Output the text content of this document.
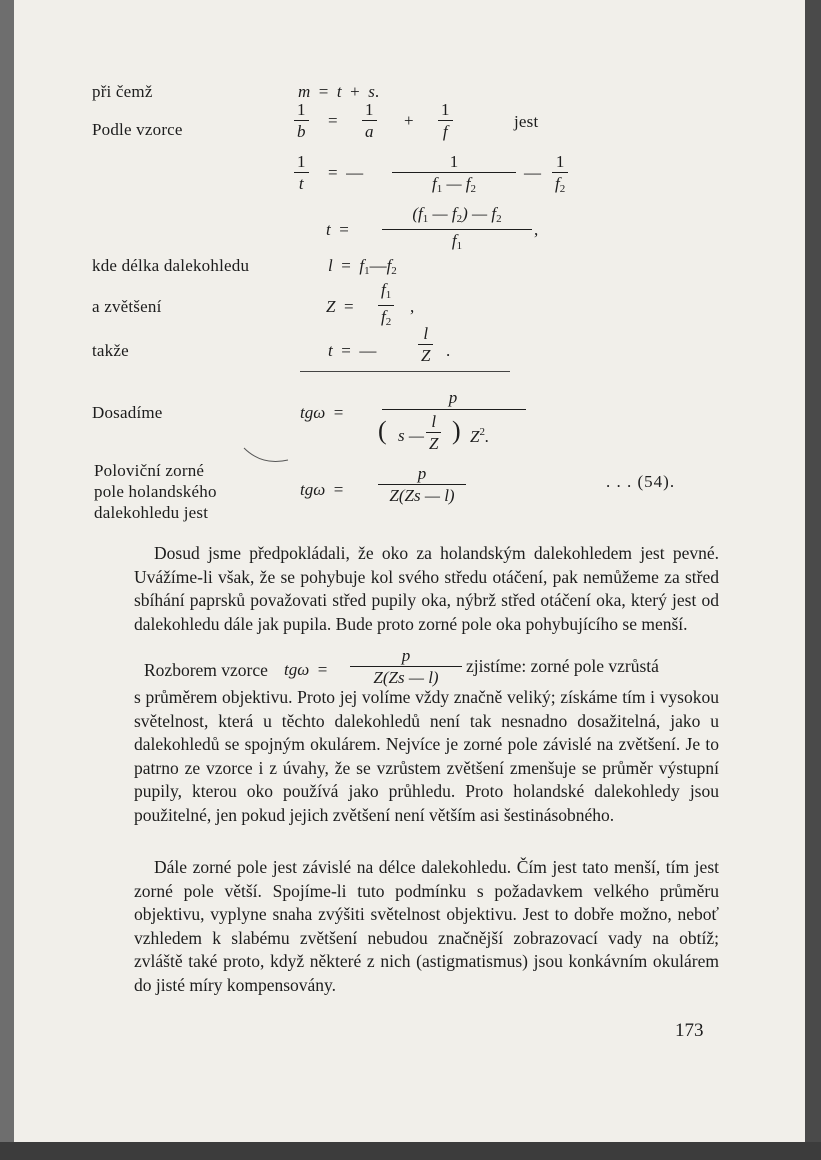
při čemž
Podle vzorce	jest
kde délka dalekohledu
a zvětšení
takže
Dosadíme
Poloviční zorné
pole holandského
dalekohledu jest
. . . (54).
m  =  t  +  s.
1
b
=
1
a
+
1
f
1
t
=  —
1
$f_1$ — $f_2$
—
1
$f_2$
t  =
($f_1$ — $f_2$) — $f_2$
$f_1$
,
$l = f_1—f_2$
Z  =
$f_1$
$f_2$
,
t  =  —
l
Z .
tgω  =
p
( s —
l
Z ) $Z^2$.
tgω  =
p
Z(Zs — l)

Dosud jsme předpokládali, že oko za holandským dalekohledem jest pevné. Uvážíme-li však, že se pohybuje kol svého středu otáčení, pak nemůžeme za střed sbíhání paprsků považovati střed pupily oka, nýbrž střed otáčení oka, který jest od dalekohledu dále jak pupila. Bude proto zorné pole oka pohybujícího se menší.

Rozborem vzorce tgω  =
p
Z(Zs — l)
zjistíme: zorné pole vzrůstá

s průměrem objektivu. Proto jej volíme vždy značně veliký; získáme tím i vysokou světelnost, která u těchto dalekohledů není tak nesnadno dosažitelná, jako u dalekohledů se spojným okulárem. Nejvíce je zorné pole závislé na zvětšení. Je to patrno ze vzorce i z úvahy, že se vzrůstem zvětšení zmenšuje se průměr výstupní pupily, kterou oko používá jako průhledu. Proto holandské dalekohledy jsou použitelné, jen pokud jejich zvětšení není větším asi šestinásobného.

Dále zorné pole jest závislé na délce dalekohledu. Čím jest tato menší, tím jest zorné pole větší. Spojíme-li tuto podmínku s požadavkem velkého průměru objektivu, vyplyne snaha zvýšiti světelnost objektivu. Jest to dobře možno, neboť vzhledem k slabému zvětšení nebudou značnější zobrazovací vady na obtíž; zvláště také proto, když některé z nich (astigmatismus) jsou konkávním okulárem do jisté míry kompensovány.

173
